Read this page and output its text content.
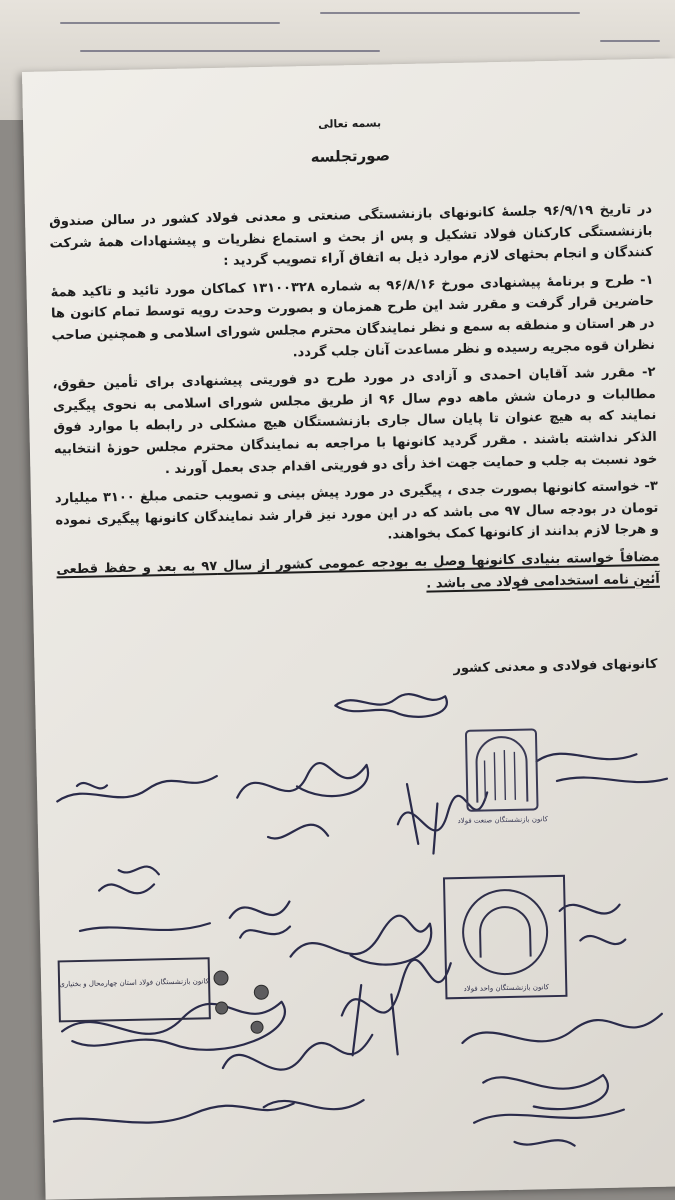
بسمه تعالی
صورتجلسه

در تاریخ ۹۶/۹/۱۹ جلسهٔ کانونهای بازنشستگی صنعتی و معدنی فولاد کشور در سالن صندوق بازنشستگی کارکنان فولاد تشکیل و پس از بحث و استماع نظریات و پیشنهادات همهٔ شرکت کنندگان و انجام بحثهای لازم موارد ذیل به اتفاق آراء تصویب گردید :

۱- طرح و برنامهٔ پیشنهادی مورخ ۹۶/۸/۱۶ به شماره ۱۳۱۰۰۳۲۸ کماکان مورد تائید و تاکید همهٔ حاضرین قرار گرفت و مقرر شد این طرح همزمان و بصورت وحدت رویه توسط تمام کانون ها در هر استان و منطقه به سمع و نظر نمایندگان محترم مجلس شورای اسلامی و همچنین صاحب نظران قوه مجریه رسیده و نظر مساعدت آنان جلب گردد.

۲- مقرر شد آقایان احمدی و آزادی در مورد طرح دو فوریتی پیشنهادی برای تأمین حقوق، مطالبات و درمان شش ماهه دوم سال ۹۶ از طریق مجلس شورای اسلامی به نحوی پیگیری نمایند که به هیچ عنوان تا پایان سال جاری بازنشستگان هیچ مشکلی در رابطه با موارد فوق الذکر نداشته باشند . مقرر گردید کانونها با مراجعه به نمایندگان محترم مجلس حوزهٔ انتخابیه خود نسبت به جلب و حمایت جهت اخذ رأی دو فوریتی اقدام جدی بعمل آورند .

۳- خواسته کانونها بصورت جدی ، پیگیری در مورد پیش بینی و تصویب حتمی مبلغ ۳۱۰۰ میلیارد تومان در بودجه سال ۹۷ می باشد که در این مورد نیز قرار شد نمایندگان کانونها پیگیری نموده و هرجا لازم بدانند از کانونها کمک بخواهند.

مضافاً خواسته بنیادی کانونها وصل به بودجه عمومی کشور از سال ۹۷ به بعد و حفظ قطعی آئین نامه استخدامی فولاد می باشد .

کانونهای فولادی و معدنی کشور
کانون بازنشستگان صنعت فولاد
کانون بازنشستگان واحد فولاد
کانون بازنشستگان فولاد استان چهارمحال و بختیاری
